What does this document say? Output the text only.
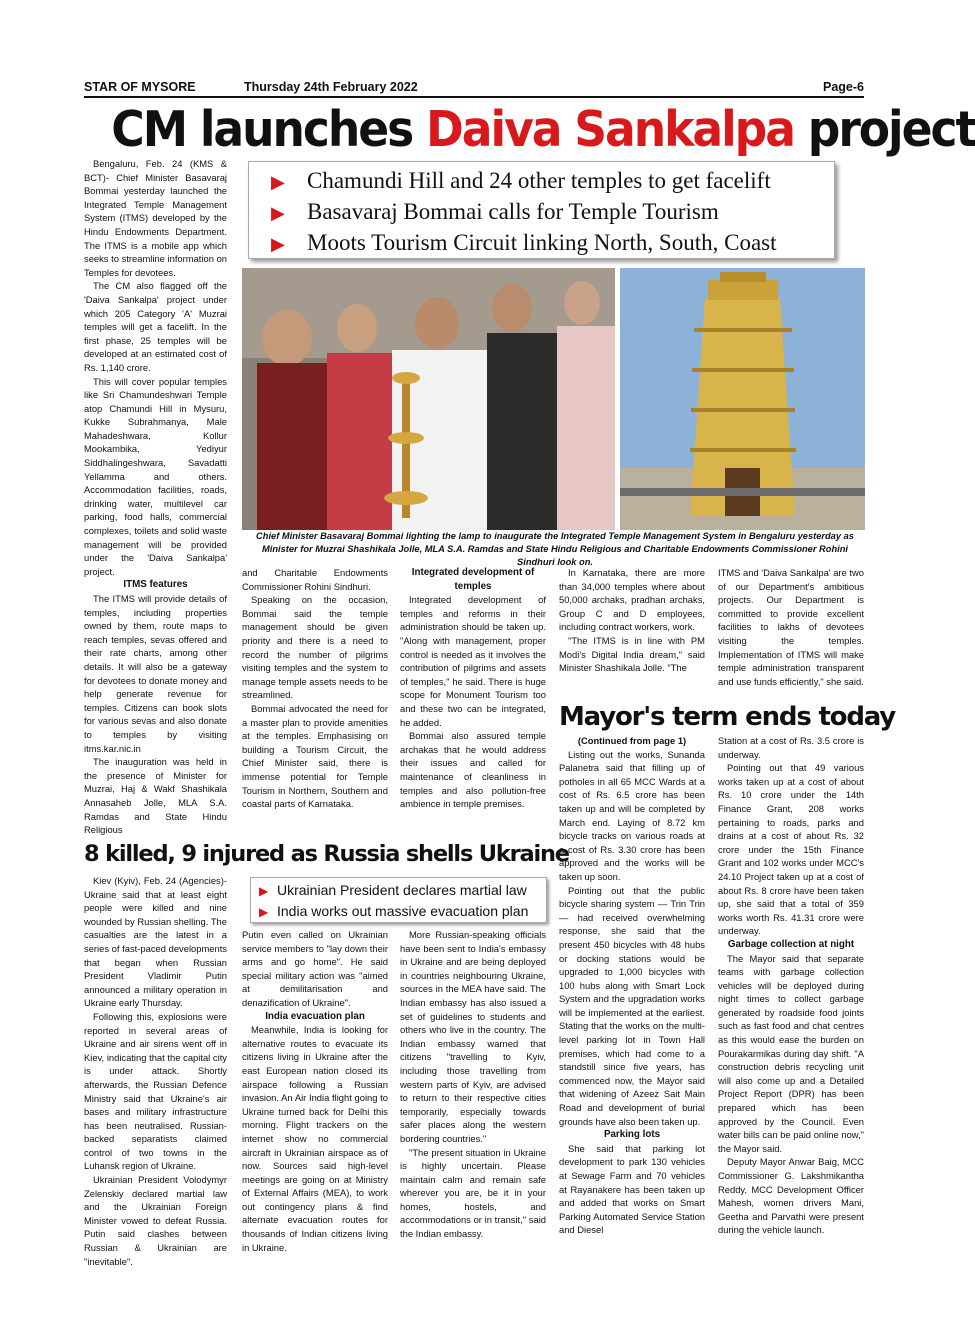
STAR OF MYSORE	Thursday 24th February 2022	Page-6
CM launches Daiva Sankalpa project
▶ Chamundi Hill and 24 other temples to get facelift
▶ Basavaraj Bommai calls for Temple Tourism
▶ Moots Tourism Circuit linking North, South, Coast
Chief Minister Basavaraj Bommai lighting the lamp to inaugurate the Integrated Temple Management System in Bengaluru yesterday as Minister for Muzrai Shashikala Jolle, MLA S.A. Ramdas and State Hindu Religious and Charitable Endowments Commissioner Rohini Sindhuri look on.

Bengaluru, Feb. 24 (KMS & BCT)- Chief Minister Basavaraj Bommai yesterday launched the Integrated Temple Management System (ITMS) developed by the Hindu Endowments Department. The ITMS is a mobile app which seeks to streamline information on Temples for devotees.

The CM also flagged off the 'Daiva Sankalpa' project under which 205 Category 'A' Muzrai temples will get a facelift. In the first phase, 25 temples will be developed at an estimated cost of Rs. 1,140 crore.

This will cover popular temples like Sri Chamundeshwari Temple atop Chamundi Hill in Mysuru, Kukke Subrahmanya, Male Mahadeshwara, Kollur Mookambika, Yediyur Siddhalingeshwara, Savadatti Yellamma and others. Accommodation facilities, roads, drinking water, multilevel car parking, food halls, commercial complexes, toilets and solid waste management will be provided under the 'Daiva Sankalpa' project.

ITMS features

The ITMS will provide details of temples, including properties owned by them, route maps to reach temples, sevas offered and their rate charts, among other details. It will also be a gateway for devotees to donate money and help generate revenue for temples. Citizens can book slots for various sevas and also donate to temples by visiting itms.kar.nic.in

The inauguration was held in the presence of Minister for Muzrai, Haj & Wakf Shashikala Annasaheb Jolle, MLA S.A. Ramdas and State Hindu Religious

and Charitable Endowments Commissioner Rohini Sindhuri.

Speaking on the occasion, Bommai said the temple management should be given priority and there is a need to record the number of pilgrims visiting temples and the system to manage temple assets needs to be streamlined.

Bommai advocated the need for a master plan to provide amenities at the temples. Emphasising on building a Tourism Circuit, the Chief Minister said, there is immense potential for Temple Tourism in Northern, Southern and coastal parts of Karnataka.

Integrated development of temples

Integrated development of temples and reforms in their administration should be taken up. "Along with management, proper control is needed as it involves the contribution of pilgrims and assets of temples," he said. There is huge scope for Monument Tourism too and these two can be integrated, he added.

Bommai also assured temple archakas that he would address their issues and called for maintenance of cleanliness in temples and also pollution-free ambience in temple premises.

In Karnataka, there are more than 34,000 temples where about 50,000 archaks, pradhan archaks, Group C and D employees, including contract workers, work.

"The ITMS is in line with PM Modi's Digital India dream," said Minister Shashikala Jolle. "The

ITMS and 'Daiva Sankalpa' are two of our Department's ambitious projects. Our Department is committed to provide excellent facilities to lakhs of devotees visiting the temples. Implementation of ITMS will make temple administration transparent and use funds efficiently," she said.

Mayor's term ends today

(Continued from page 1)

Listing out the works, Sunanda Palanetra said that filling up of potholes in all 65 MCC Wards at a cost of Rs. 6.5 crore has been taken up and will be completed by March end. Laying of 8.72 km bicycle tracks on various roads at a cost of Rs. 3.30 crore has been approved and the works will be taken up soon.

Pointing out that the public bicycle sharing system — Trin Trin — had received overwhelming response, she said that the present 450 bicycles with 48 hubs or docking stations would be upgraded to 1,000 bicycles with 100 hubs along with Smart Lock System and the upgradation works will be implemented at the earliest. Stating that the works on the multi-level parking lot in Town Hall premises, which had come to a standstill since five years, has commenced now, the Mayor said that widening of Azeez Sait Main Road and development of burial grounds have also been taken up.

Parking lots

She said that parking lot development to park 130 vehicles at Sewage Farm and 70 vehicles at Rayanakere has been taken up and added that works on Smart Parking Automated Service Station and Diesel

Station at a cost of Rs. 3.5 crore is underway.

Pointing out that 49 various works taken up at a cost of about Rs. 10 crore under the 14th Finance Grant, 208 works pertaining to roads, parks and drains at a cost of about Rs. 32 crore under the 15th Finance Grant and 102 works under MCC's 24.10 Project taken up at a cost of about Rs. 8 crore have been taken up, she said that a total of 359 works worth Rs. 41.31 crore were underway.

Garbage collection at night

The Mayor said that separate teams with garbage collection vehicles will be deployed during night times to collect garbage generated by roadside food joints such as fast food and chat centres as this would ease the burden on Pourakarmikas during day shift. "A construction debris recycling unit will also come up and a Detailed Project Report (DPR) has been prepared which has been approved by the Council. Even water bills can be paid online now," the Mayor said.

Deputy Mayor Anwar Baig, MCC Commissioner G. Lakshmikantha Reddy, MCC Development Officer Mahesh, women drivers Mani, Geetha and Parvathi were present during the vehicle launch.

8 killed, 9 injured as Russia shells Ukraine
▶ Ukrainian President declares martial law
▶ India works out massive evacuation plan

Kiev (Kyiv), Feb. 24 (Agencies)- Ukraine said that at least eight people were killed and nine wounded by Russian shelling. The casualties are the latest in a series of fast-paced developments that began when Russian President Vladimir Putin announced a military operation in Ukraine early Thursday.

Following this, explosions were reported in several areas of Ukraine and air sirens went off in Kiev, indicating that the capital city is under attack. Shortly afterwards, the Russian Defence Ministry said that Ukraine's air bases and military infrastructure has been neutralised. Russian-backed separatists claimed control of two towns in the Luhansk region of Ukraine.

Ukrainian President Volodymyr Zelenskiy declared martial law and the Ukrainian Foreign Minister vowed to defeat Russia. Putin said clashes between Russian & Ukrainian are "inevitable".

Putin even called on Ukrainian service members to "lay down their arms and go home". He said special military action was "aimed at demilitarisation and denazification of Ukraine".

India evacuation plan

Meanwhile, India is looking for alternative routes to evacuate its citizens living in Ukraine after the east European nation closed its airspace following a Russian invasion. An Air India flight going to Ukraine turned back for Delhi this morning. Flight trackers on the internet show no commercial aircraft in Ukrainian airspace as of now. Sources said high-level meetings are going on at Ministry of External Affairs (MEA), to work out contingency plans & find alternate evacuation routes for thousands of Indian citizens living in Ukraine.

More Russian-speaking officials have been sent to India's embassy in Ukraine and are being deployed in countries neighbouring Ukraine, sources in the MEA have said. The Indian embassy has also issued a set of guidelines to students and others who live in the country. The Indian embassy warned that citizens "travelling to Kyiv, including those travelling from western parts of Kyiv, are advised to return to their respective cities temporarily, especially towards safer places along the western bordering countries."

"The present situation in Ukraine is highly uncertain. Please maintain calm and remain safe wherever you are, be it in your homes, hostels, and accommodations or in transit," said the Indian embassy.
